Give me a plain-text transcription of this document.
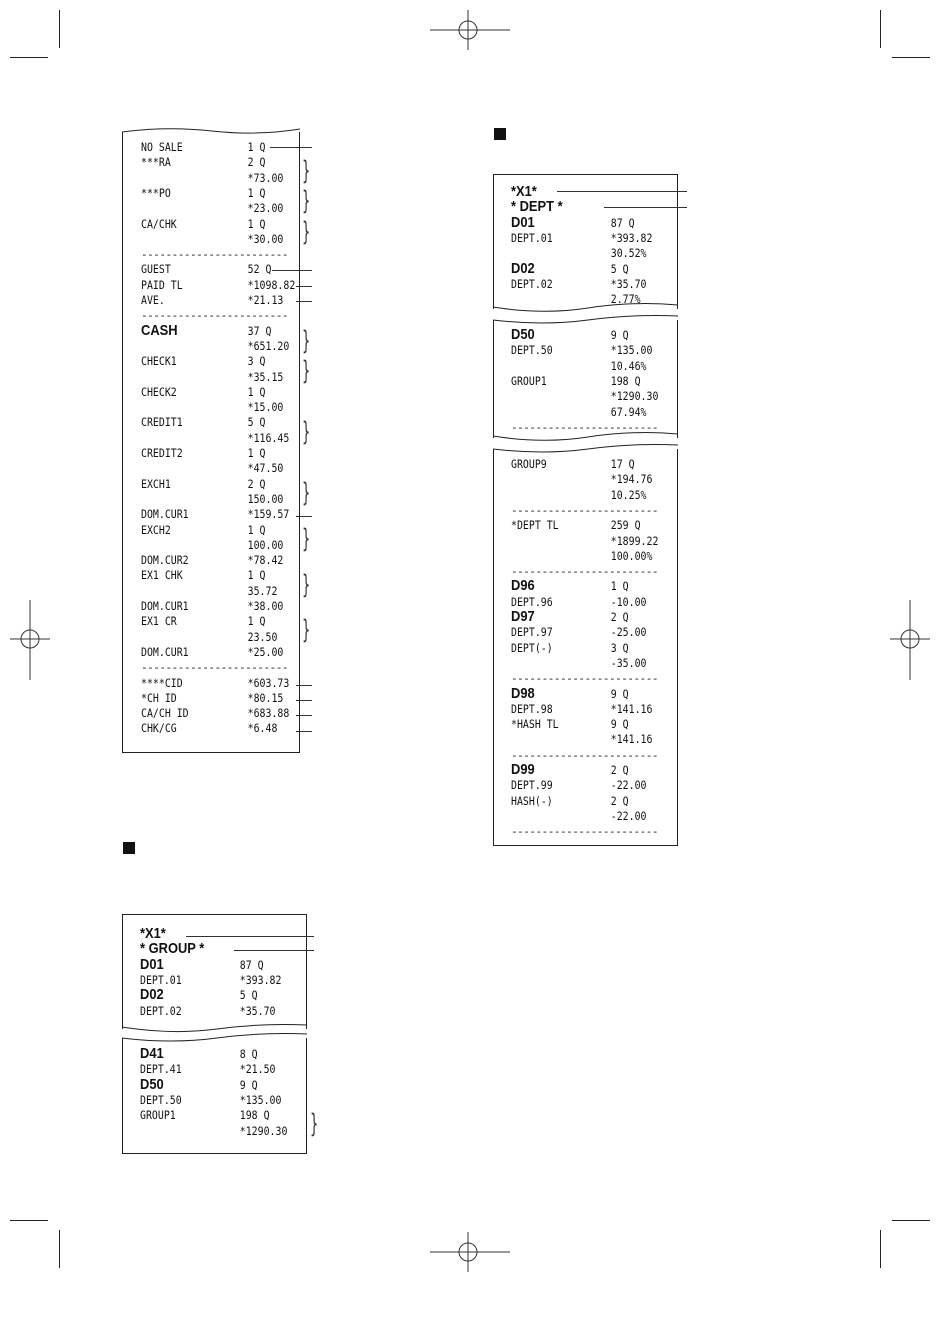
NO SALE	1 Q
***RA	2 Q
*73.00
***PO	1 Q
*23.00
CA/CHK	1 Q
*30.00
------------------------
GUEST	52 Q
PAID TL	*1098.82
AVE.	*21.13
------------------------
CASH	37 Q
*651.20
CHECK1	3 Q
*35.15
CHECK2	1 Q
*15.00
CREDIT1	5 Q
*116.45
CREDIT2	1 Q
*47.50
EXCH1	2 Q
150.00
DOM.CUR1	*159.57
EXCH2	1 Q
100.00
DOM.CUR2	*78.42
EX1 CHK	1 Q
35.72
DOM.CUR1	*38.00
EX1 CR	1 Q
23.50
DOM.CUR1	*25.00
------------------------
****CID	*603.73
*CH ID	*80.15
CA/CH ID	*683.88
CHK/CG	*6.48
}
}
}
}
}
}
}
}
}
}
*X1*
* GROUP *
D01	87 Q
DEPT.01	*393.82
D02	5 Q
DEPT.02	*35.70
D41	8 Q
DEPT.41	*21.50
D50	9 Q
DEPT.50	*135.00
GROUP1	198 Q
*1290.30 }
*X1*
* DEPT *
D01	87 Q
DEPT.01	*393.82
30.52%
D02	5 Q
DEPT.02	*35.70
2.77%
D50	9 Q
DEPT.50	*135.00
10.46%
GROUP1	198 Q
*1290.30
67.94%
------------------------
GROUP9	17 Q
*194.76
10.25%
------------------------
*DEPT TL	259 Q
*1899.22
100.00%
------------------------
D96	1 Q
DEPT.96	-10.00
D97	2 Q
DEPT.97	-25.00
DEPT(-)	3 Q
-35.00
------------------------
D98	9 Q
DEPT.98	*141.16
*HASH TL	9 Q
*141.16
------------------------
D99	2 Q
DEPT.99	-22.00
HASH(-)	2 Q
-22.00
------------------------
